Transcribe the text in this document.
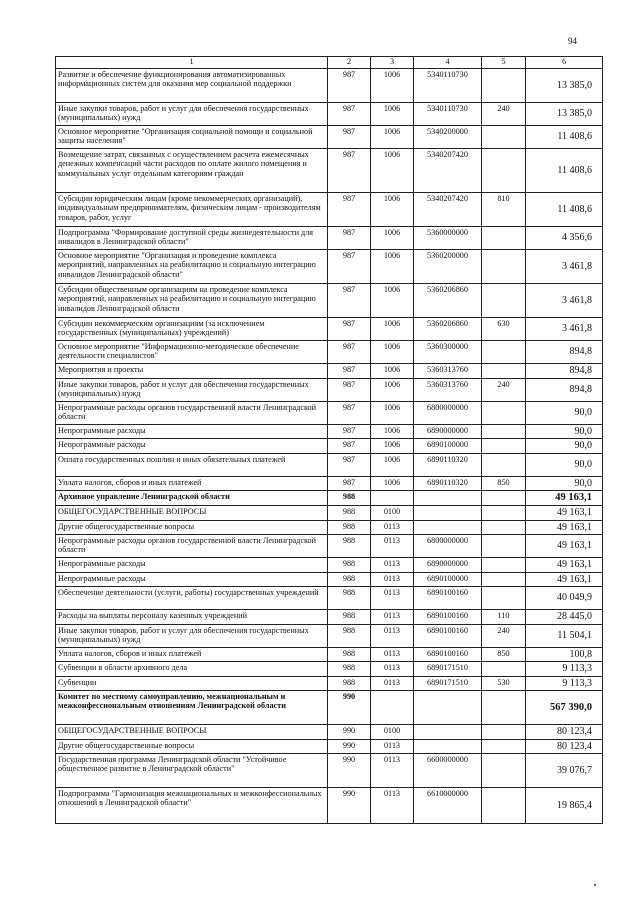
94
1	2	3	4	5	6
Развитие и обеспечение функционирования автоматизированных информационных систем для оказания мер социальной поддержки	987	1006	5340110730		13 385,0
Иные закупки товаров, работ и услуг для обеспечения государственных (муниципальных) нужд	987	1006	5340110730	240	13 385,0
Основное мероприятие "Организация социальной помощи и социальной защиты населения"	987	1006	5340200000		11 408,6
Возмещение затрат, связанных с осуществлением расчета ежемесячных денежных компенсаций части расходов по оплате жилого помещения и коммунальных услуг отдельным категориям граждан	987	1006	5340207420		11 408,6
Субсидии юридическим лицам (кроме некоммерческих организаций), индивидуальным предпринимателям, физическим лицам - производителям товаров, работ, услуг	987	1006	5340207420	810	11 408,6
Подпрограмма "Формирование доступной среды жизнедеятельности для инвалидов в Ленинградской области"	987	1006	5360000000		4 356,6
Основное мероприятие "Организация и проведение комплекса мероприятий, направленных на реабилитацию и социальную интеграцию инвалидов Ленинградской области"	987	1006	5360200000		3 461,8
Субсидии общественным организациям на проведение комплекса мероприятий, направленных на реабилитацию и социальную интеграцию инвалидов Ленинградской области	987	1006	5360206860		3 461,8
Субсидии некоммерческим организациям (за исключением государственных (муниципальных) учреждений)	987	1006	5360206860	630	3 461,8
Основное мероприятие "Информационно-методическое обеспечение деятельности специалистов"	987	1006	5360300000		894,8
Мероприятия и проекты	987	1006	5360313760		894,8
Иные закупки товаров, работ и услуг для обеспечения государственных (муниципальных) нужд	987	1006	5360313760	240	894,8
Непрограммные расходы органов государственной власти Ленинградской области	987	1006	6800000000		90,0
Непрограммные расходы	987	1006	6890000000		90,0
Непрограммные расходы	987	1006	6890100000		90,0
Оплата государственных пошлин и иных обязательных платежей	987	1006	6890110320		90,0
Уплата налогов, сборов и иных платежей	987	1006	6890110320	850	90,0
Архивное управление Ленинградской области	988				49 163,1
ОБЩЕГОСУДАРСТВЕННЫЕ ВОПРОСЫ	988	0100			49 163,1
Другие общегосударственные вопросы	988	0113			49 163,1
Непрограммные расходы органов государственной власти Ленинградской области	988	0113	6800000000		49 163,1
Непрограммные расходы	988	0113	6890000000		49 163,1
Непрограммные расходы	988	0113	6890100000		49 163,1
Обеспечение деятельности (услуги, работы) государственных учреждений	988	0113	6890100160		40 049,9
Расходы на выплаты персоналу казенных учреждений	988	0113	6890100160	110	28 445,0
Иные закупки товаров, работ и услуг для обеспечения государственных (муниципальных) нужд	988	0113	6890100160	240	11 504,1
Уплата налогов, сборов и иных платежей	988	0113	6890100160	850	100,8
Субвенции в области архивного дела	988	0113	6890171510		9 113,3
Субвенции	988	0113	6890171510	530	9 113,3
Комитет по местному самоуправлению, межнациональным и межконфессиональным отношениям Ленинградской области	990				567 390,0
ОБЩЕГОСУДАРСТВЕННЫЕ ВОПРОСЫ	990	0100			80 123,4
Другие общегосударственные вопросы	990	0113			80 123,4
Государственная программа Ленинградской области "Устойчивое общественное развитие в Ленинградской области"	990	0113	6600000000		39 076,7
Подпрограмма "Гармонизация межнациональных и межконфессиональных отношений в Ленинградской области"	990	0113	6610000000		19 865,4
